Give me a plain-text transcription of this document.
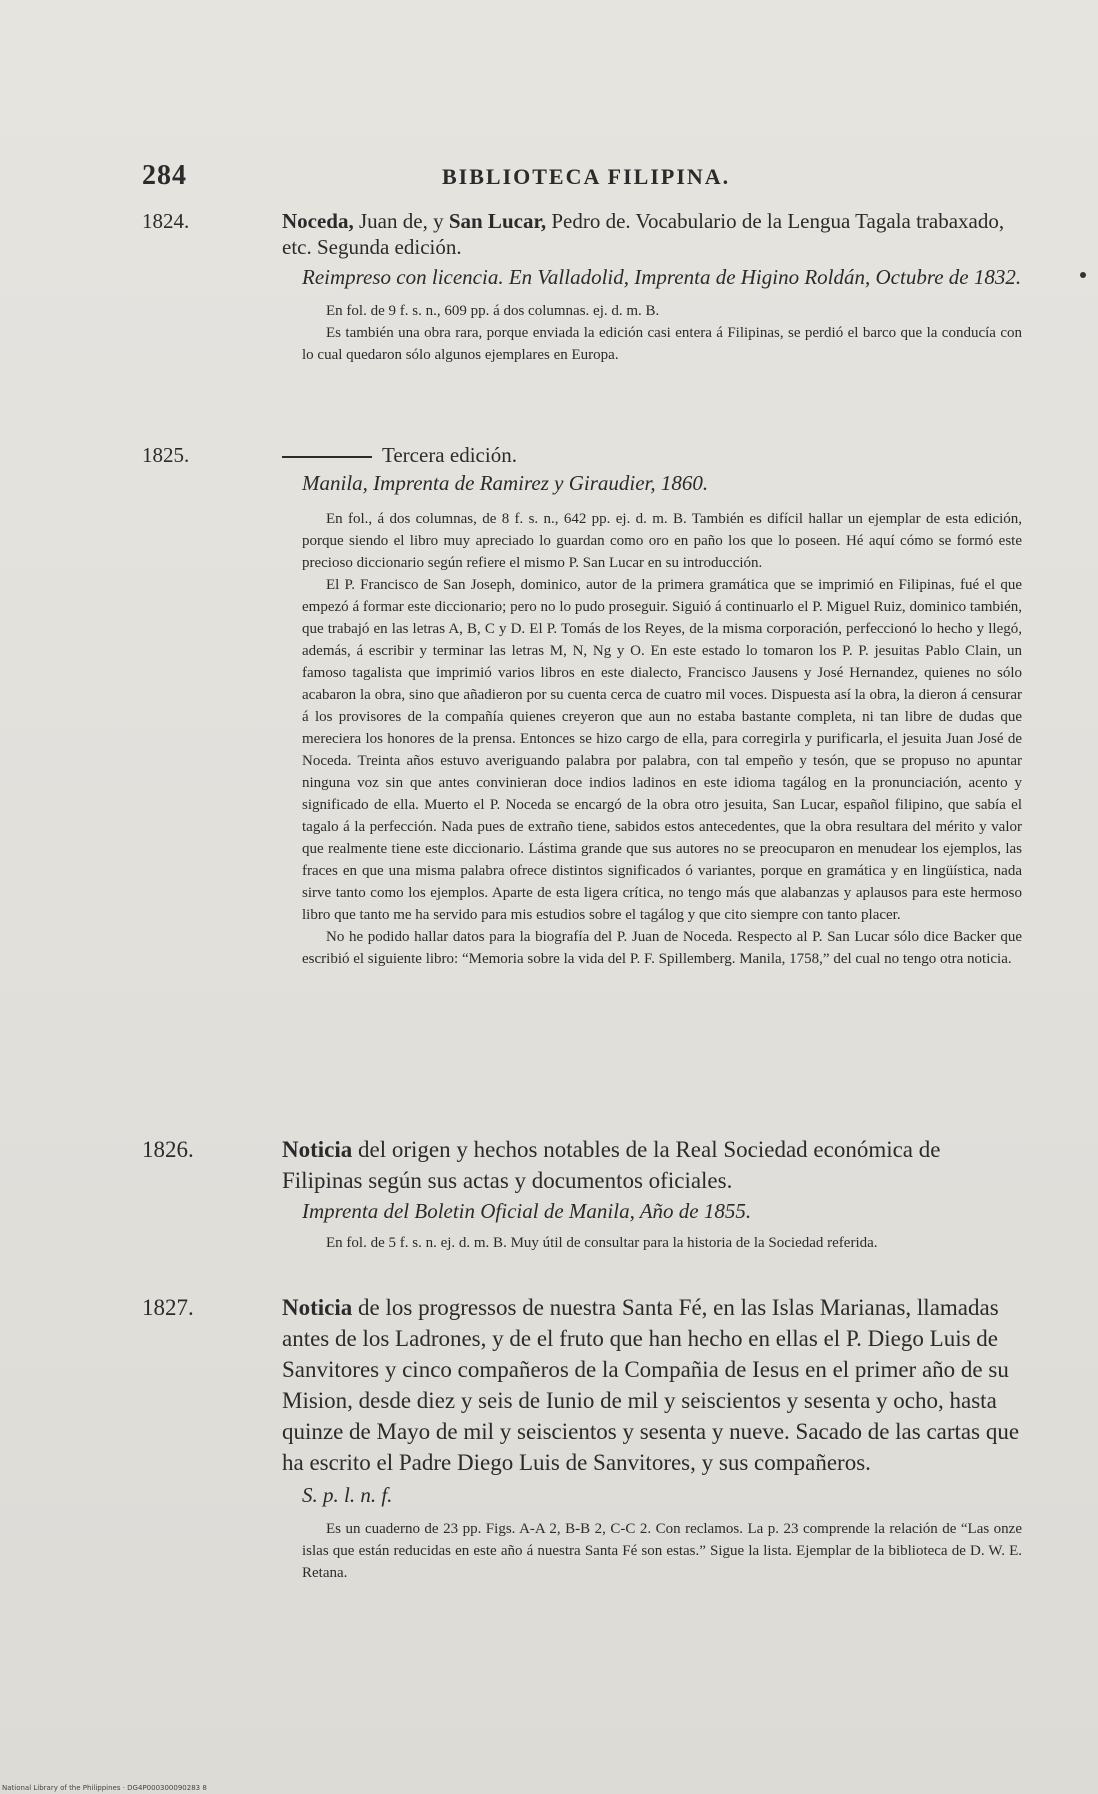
284	BIBLIOTECA FILIPINA.
1824.	Noceda, Juan de, y San Lucar, Pedro de. Vocabulario de la Lengua Tagala trabaxado, etc. Segunda edición.
Reimpreso con licencia. En Valladolid, Imprenta de Higino Roldán, Octubre de 1832.

En fol. de 9 f. s. n., 609 pp. á dos columnas. ej. d. m. B.

Es también una obra rara, porque enviada la edición casi entera á Filipinas, se perdió el barco que la conducía con lo cual quedaron sólo algunos ejemplares en Europa.

1825.	Tercera edición.
Manila, Imprenta de Ramirez y Giraudier, 1860.

En fol., á dos columnas, de 8 f. s. n., 642 pp. ej. d. m. B. También es difícil hallar un ejemplar de esta edición, porque siendo el libro muy apreciado lo guardan como oro en paño los que lo poseen. Hé aquí cómo se formó este precioso diccionario según refiere el mismo P. San Lucar en su introducción.

El P. Francisco de San Joseph, dominico, autor de la primera gramática que se imprimió en Filipinas, fué el que empezó á formar este diccionario; pero no lo pudo proseguir. Siguió á continuarlo el P. Miguel Ruiz, dominico también, que trabajó en las letras A, B, C y D. El P. Tomás de los Reyes, de la misma corporación, perfeccionó lo hecho y llegó, además, á escribir y terminar las letras M, N, Ng y O. En este estado lo tomaron los P. P. jesuitas Pablo Clain, un famoso tagalista que imprimió varios libros en este dialecto, Francisco Jausens y José Hernandez, quienes no sólo acabaron la obra, sino que añadieron por su cuenta cerca de cuatro mil voces. Dispuesta así la obra, la dieron á censurar á los provisores de la compañía quienes creyeron que aun no estaba bastante completa, ni tan libre de dudas que mereciera los honores de la prensa. Entonces se hizo cargo de ella, para corregirla y purificarla, el jesuita Juan José de Noceda. Treinta años estuvo averiguando palabra por palabra, con tal empeño y tesón, que se propuso no apuntar ninguna voz sin que antes convinieran doce indios ladinos en este idioma tagálog en la pronunciación, acento y significado de ella. Muerto el P. Noceda se encargó de la obra otro jesuita, San Lucar, español filipino, que sabía el tagalo á la perfección. Nada pues de extraño tiene, sabidos estos antecedentes, que la obra resultara del mérito y valor que realmente tiene este diccionario. Lástima grande que sus autores no se preocuparon en menudear los ejemplos, las fraces en que una misma palabra ofrece distintos significados ó variantes, porque en gramática y en lingüística, nada sirve tanto como los ejemplos. Aparte de esta ligera crítica, no tengo más que alabanzas y aplausos para este hermoso libro que tanto me ha servido para mis estudios sobre el tagálog y que cito siempre con tanto placer.

No he podido hallar datos para la biografía del P. Juan de Noceda. Respecto al P. San Lucar sólo dice Backer que escribió el siguiente libro: “Memoria sobre la vida del P. F. Spillemberg. Manila, 1758,” del cual no tengo otra noticia.

1826.	Noticia del origen y hechos notables de la Real Sociedad económica de Filipinas según sus actas y documentos oficiales.
Imprenta del Boletin Oficial de Manila, Año de 1855.

En fol. de 5 f. s. n. ej. d. m. B. Muy útil de consultar para la historia de la Sociedad referida.

1827.	Noticia de los progressos de nuestra Santa Fé, en las Islas Marianas, llamadas antes de los Ladrones, y de el fruto que han hecho en ellas el P. Diego Luis de Sanvitores y cinco compañeros de la Compañia de Iesus en el primer año de su Mision, desde diez y seis de Iunio de mil y seiscientos y sesenta y ocho, hasta quinze de Mayo de mil y seiscientos y sesenta y nueve. Sacado de las cartas que ha escrito el Padre Diego Luis de Sanvitores, y sus compañeros.
S. p. l. n. f.

Es un cuaderno de 23 pp. Figs. A-A 2, B-B 2, C-C 2. Con reclamos. La p. 23 comprende la relación de “Las onze islas que están reducidas en este año á nuestra Santa Fé son estas.” Sigue la lista. Ejemplar de la biblioteca de D. W. E. Retana.

National Library of the Philippines · DG4P000300090283 8
